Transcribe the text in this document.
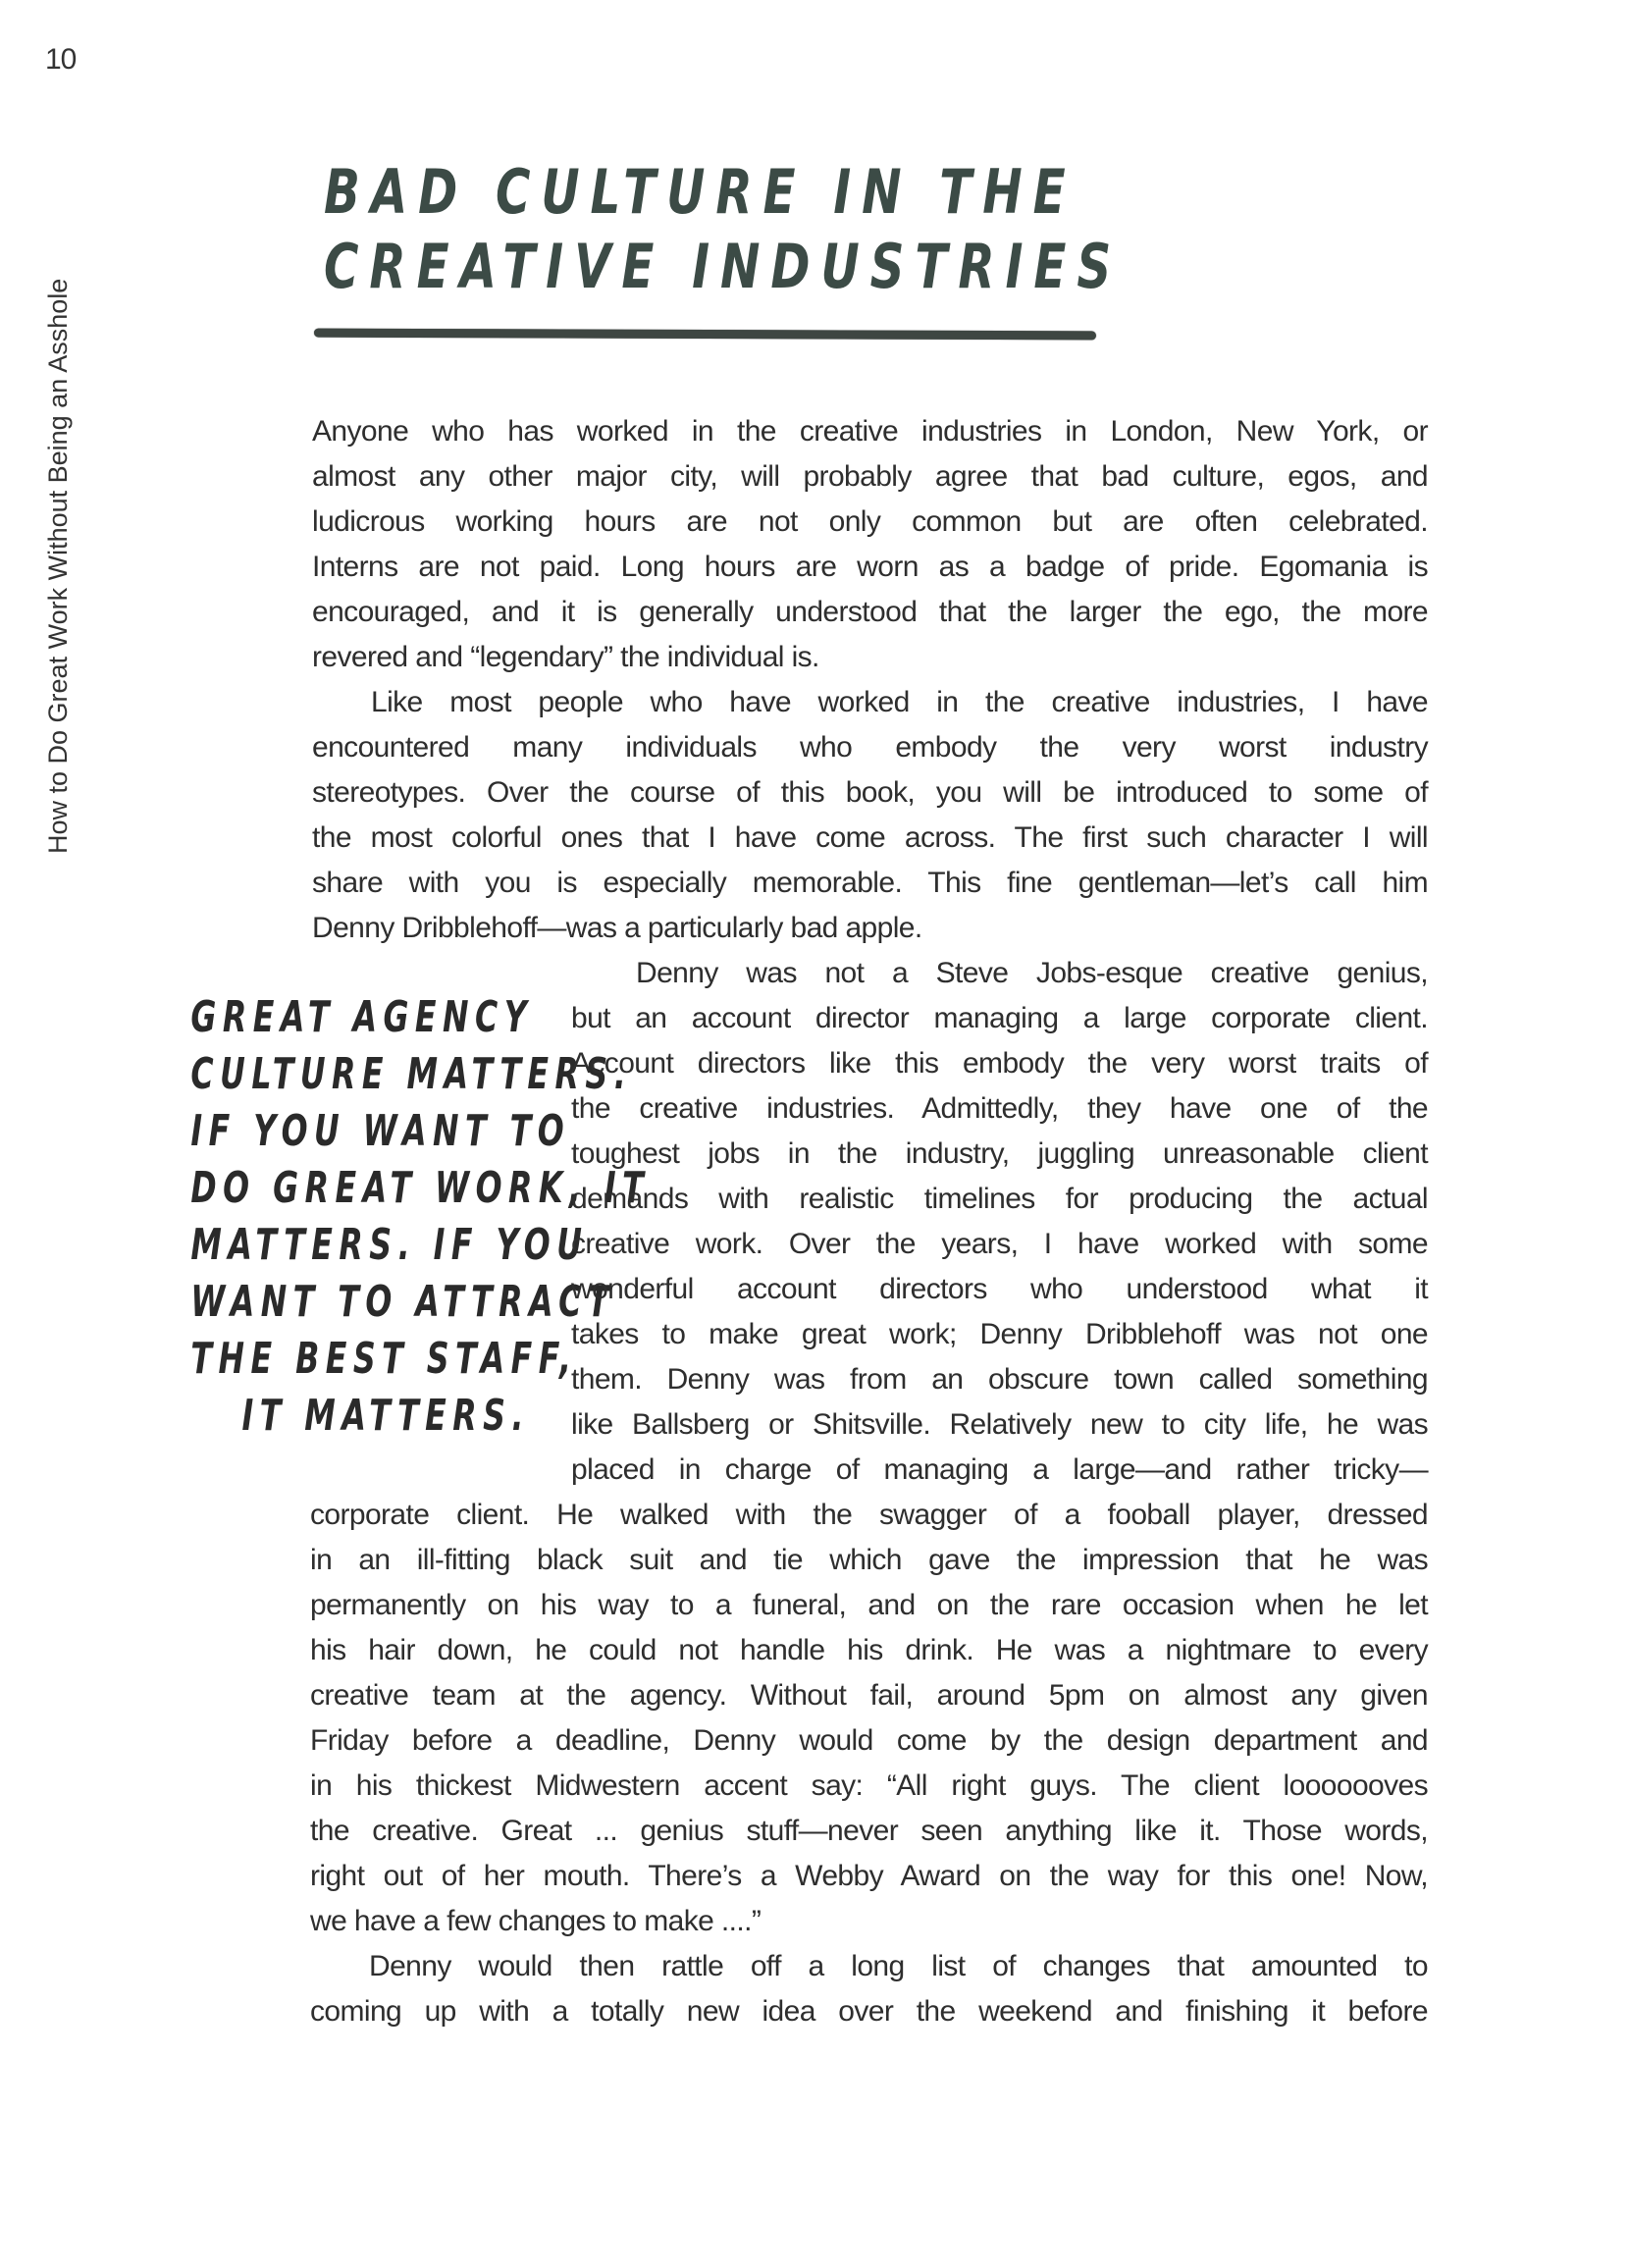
10
How to Do Great Work Without Being an Asshole
BAD CULTURE IN THE
CREATIVE INDUSTRIES
Anyone who has worked in the creative industries in London, New York, or
almost any other major city, will probably agree that bad culture, egos, and
ludicrous working hours are not only common but are often celebrated.
Interns are not paid. Long hours are worn as a badge of pride. Egomania is
encouraged, and it is generally understood that the larger the ego, the more
revered and “legendary” the individual is.
Like most people who have worked in the creative industries, I have
encountered many individuals who embody the very worst industry
stereotypes. Over the course of this book, you will be introduced to some of
the most colorful ones that I have come across. The first such character I will
share with you is especially memorable. This fine gentleman—let’s call him
Denny Dribblehoff—was a particularly bad apple.
GREAT AGENCY
CULTURE MATTERS.
IF YOU WANT TO
DO GREAT WORK, IT
MATTERS. IF YOU
WANT TO ATTRACT
THE BEST STAFF,
IT MATTERS.
Denny was not a Steve Jobs-esque creative genius,
but an account director managing a large corporate client.
Account directors like this embody the very worst traits of
the creative industries. Admittedly, they have one of the
toughest jobs in the industry, juggling unreasonable client
demands with realistic timelines for producing the actual
creative work. Over the years, I have worked with some
wonderful account directors who understood what it
takes to make great work; Denny Dribblehoff was not one
them. Denny was from an obscure town called something
like Ballsberg or Shitsville. Relatively new to city life, he was
placed in charge of managing a large—and rather tricky—
corporate client. He walked with the swagger of a fooball player, dressed
in an ill-fitting black suit and tie which gave the impression that he was
permanently on his way to a funeral, and on the rare occasion when he let
his hair down, he could not handle his drink. He was a nightmare to every
creative team at the agency. Without fail, around 5pm on almost any given
Friday before a deadline, Denny would come by the design department and
in his thickest Midwestern accent say: “All right guys. The client looooooves
the creative. Great ... genius stuff—never seen anything like it. Those words,
right out of her mouth. There’s a Webby Award on the way for this one! Now,
we have a few changes to make ....”
Denny would then rattle off a long list of changes that amounted to
coming up with a totally new idea over the weekend and finishing it before
